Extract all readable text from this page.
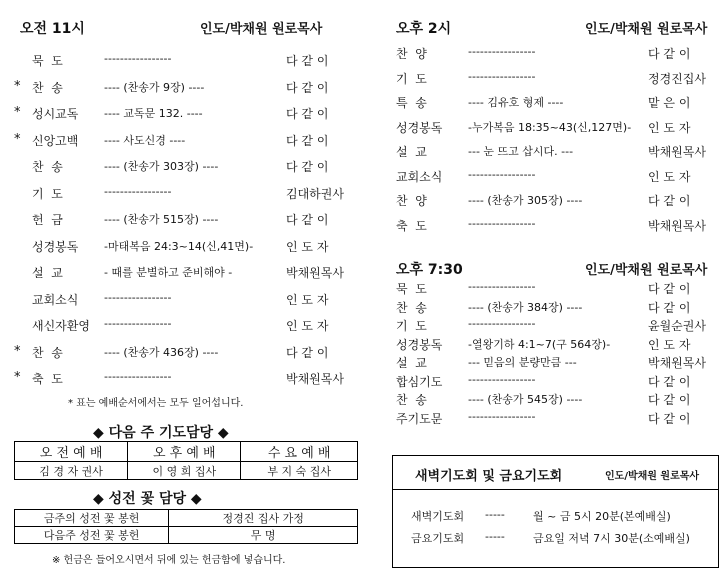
오전 11시	인도/박채원 원로목사
묵  도	-----------------	다 같 이
* 찬  송	---- (찬송가 9장) ----	다 같 이
* 성시교독 ---- 교독문 132. ----	다 같 이
* 신앙고백 ---- 사도신경 ----	다 같 이
찬  송	---- (찬송가 303장) ----	다 같 이
기  도	-----------------	김대하권사
헌  금	---- (찬송가 515장) ----	다 같 이
성경봉독 -마태복음 24:3~14(신,41면)-	인 도 자
설  교	- 때를 분별하고 준비해야 -	박채원목사
교회소식 -----------------	인 도 자
새신자환영 -----------------	인 도 자
* 찬  송	---- (찬송가 436장) ----	다 같 이
* 축  도	-----------------	박채원목사
* 표는 예배순서에서는 모두 일어섭니다.
◆ 다음 주 기도담당 ◆
오 전 예 배	오 후 예 배	수 요 예 배
김 경 자 권사	이 영 희 집사	부 지 숙 집사
◆ 성전 꽃 담당 ◆
금주의 성전 꽃 봉헌	정경진 집사 가정
다음주 성전 꽃 봉헌	무 명
※ 헌금은 들어오시면서 뒤에 있는 헌금함에 넣습니다.
오후 2시	인도/박채원 원로목사
찬  양	-----------------	다 같 이
기  도	-----------------	정경진집사
특  송	---- 김유호 형제 ----	맡 은 이
성경봉독 -누가복음 18:35~43(신,127면)- 인 도 자
설  교	--- 눈 뜨고 삽시다. ---	박채원목사
교회소식 -----------------	인 도 자
찬  양	---- (찬송가 305장) ----	다 같 이
축  도	-----------------	박채원목사
오후 7:30	인도/박채원 원로목사
묵  도	-----------------	다 같 이
찬  송	---- (찬송가 384장) ----	다 같 이
기  도	-----------------	윤월순권사
성경봉독 -열왕기하 4:1~7(구 564장)-	인 도 자
설  교	--- 믿음의 분량만큼 ---	박채원목사
합심기도 -----------------	다 같 이
찬  송	---- (찬송가 545장) ----	다 같 이
주기도문 -----------------	다 같 이
새벽기도회 및 금요기도회	인도/박채원 원로목사
새벽기도회 -----	월 ~ 금 5시 20분(본예배실)
금요기도회 -----	금요일 저녁 7시 30분(소예배실)
